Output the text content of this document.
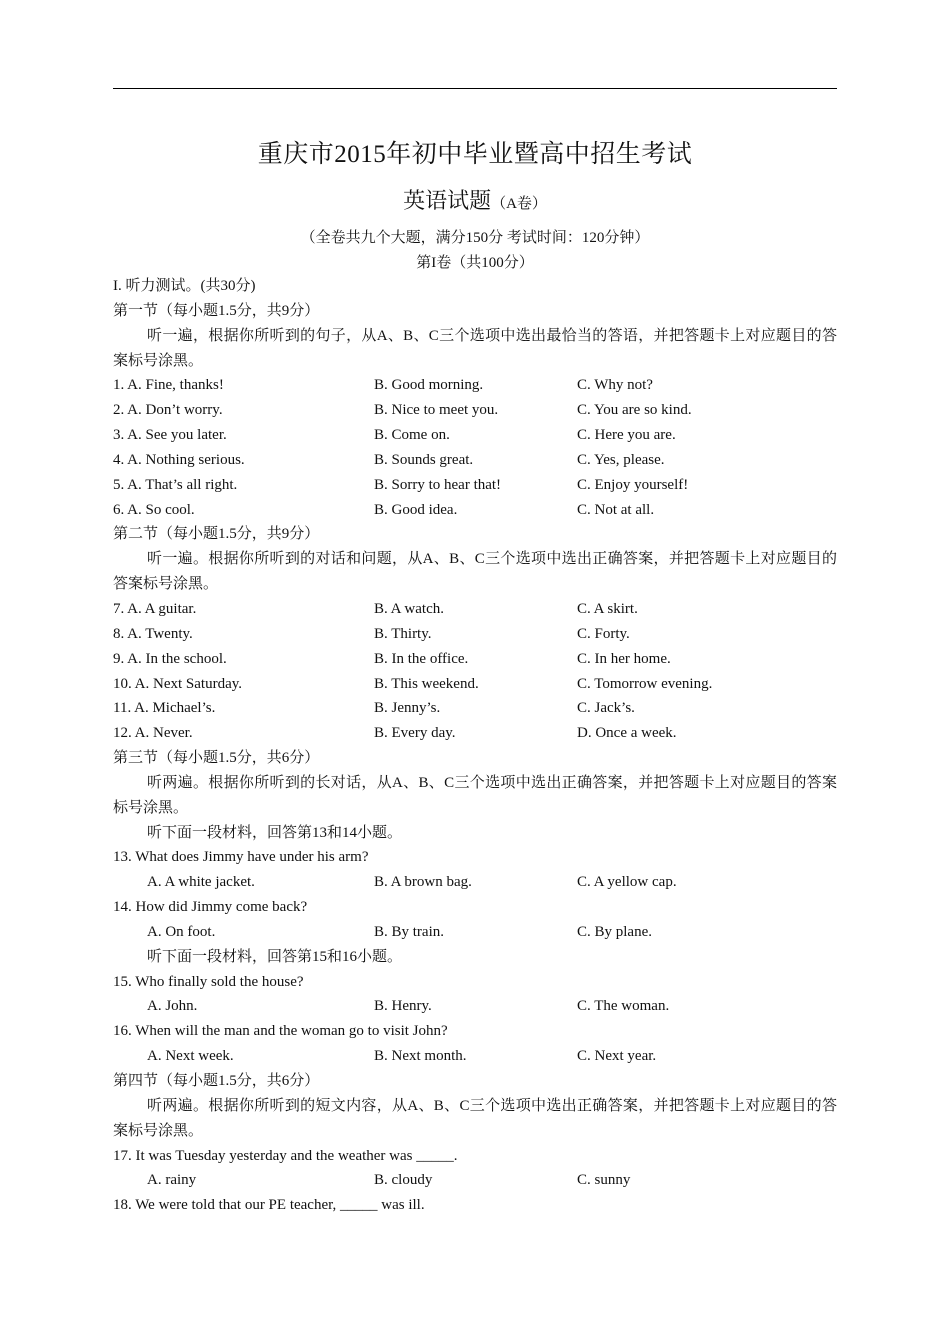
重庆市2015年初中毕业暨高中招生考试
英语试题（A卷）
（全卷共九个大题，满分150分 考试时间：120分钟）
第I卷（共100分）
I. 听力测试。(共30分)
第一节（每小题1.5分，共9分）
听一遍，根据你所听到的句子，从A、B、C三个选项中选出最恰当的答语，并把答题卡上对应题目的答案标号涂黑。
1. A. Fine, thanks!	B. Good morning.	C. Why not?
2. A. Don’t worry.	B. Nice to meet you.	C. You are so kind.
3. A. See you later.	B. Come on.	C. Here you are.
4. A. Nothing serious.	B. Sounds great.	C. Yes, please.
5. A. That’s all right.	B. Sorry to hear that!	C. Enjoy yourself!
6. A. So cool.	B. Good idea.	C. Not at all.
第二节（每小题1.5分，共9分）
听一遍。根据你所听到的对话和问题，从A、B、C三个选项中选出正确答案，并把答题卡上对应题目的答案标号涂黑。
7. A. A guitar.	B. A watch.	C. A skirt.
8. A. Twenty.	B. Thirty.	C. Forty.
9. A. In the school.	B. In the office.	C. In her home.
10. A. Next Saturday.	B. This weekend.	C. Tomorrow evening.
11. A. Michael’s.	B. Jenny’s.	C. Jack’s.
12. A. Never.	B. Every day.	D. Once a week.
第三节（每小题1.5分，共6分）
听两遍。根据你所听到的长对话，从A、B、C三个选项中选出正确答案，并把答题卡上对应题目的答案标号涂黑。
听下面一段材料，回答第13和14小题。
13. What does Jimmy have under his arm?
A. A white jacket.	B. A brown bag.	C. A yellow cap.
14. How did Jimmy come back?
A. On foot.	B. By train.	C. By plane.
听下面一段材料，回答第15和16小题。
15. Who finally sold the house?
A. John.	B. Henry.	C. The woman.
16. When will the man and the woman go to visit John?
A. Next week.	B. Next month.	C. Next year.
第四节（每小题1.5分，共6分）
听两遍。根据你所听到的短文内容，从A、B、C三个选项中选出正确答案，并把答题卡上对应题目的答案标号涂黑。
17. It was Tuesday yesterday and the weather was _____.
A. rainy	B. cloudy	C. sunny
18. We were told that our PE teacher, _____ was ill.
